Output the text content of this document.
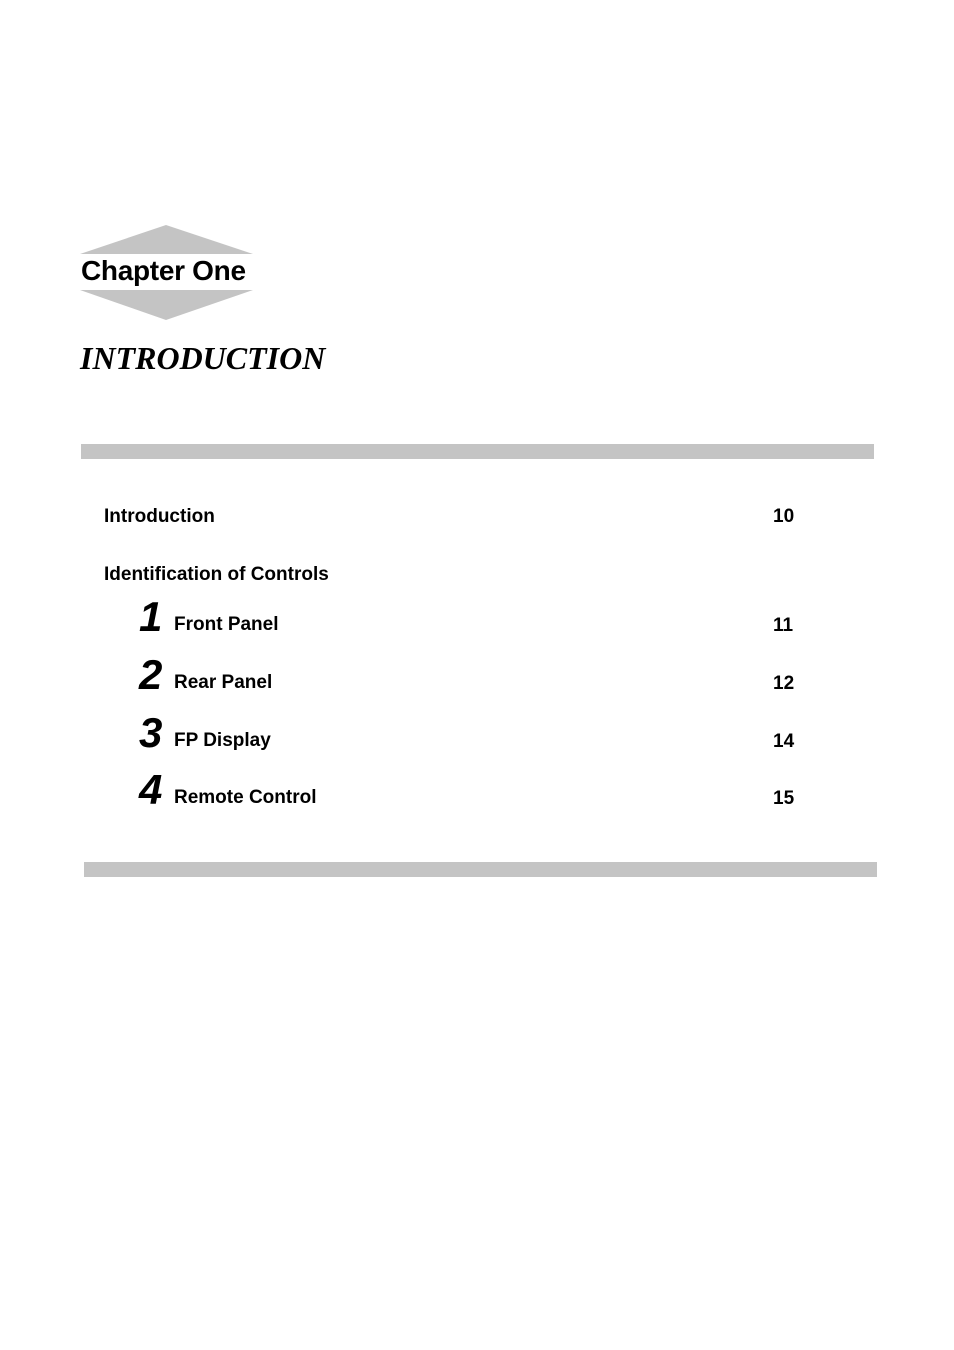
Chapter One
INTRODUCTION
Introduction	10
Identification of Controls
1 Front Panel	11
2 Rear Panel	12
3 FP Display	14
4 Remote Control	15
